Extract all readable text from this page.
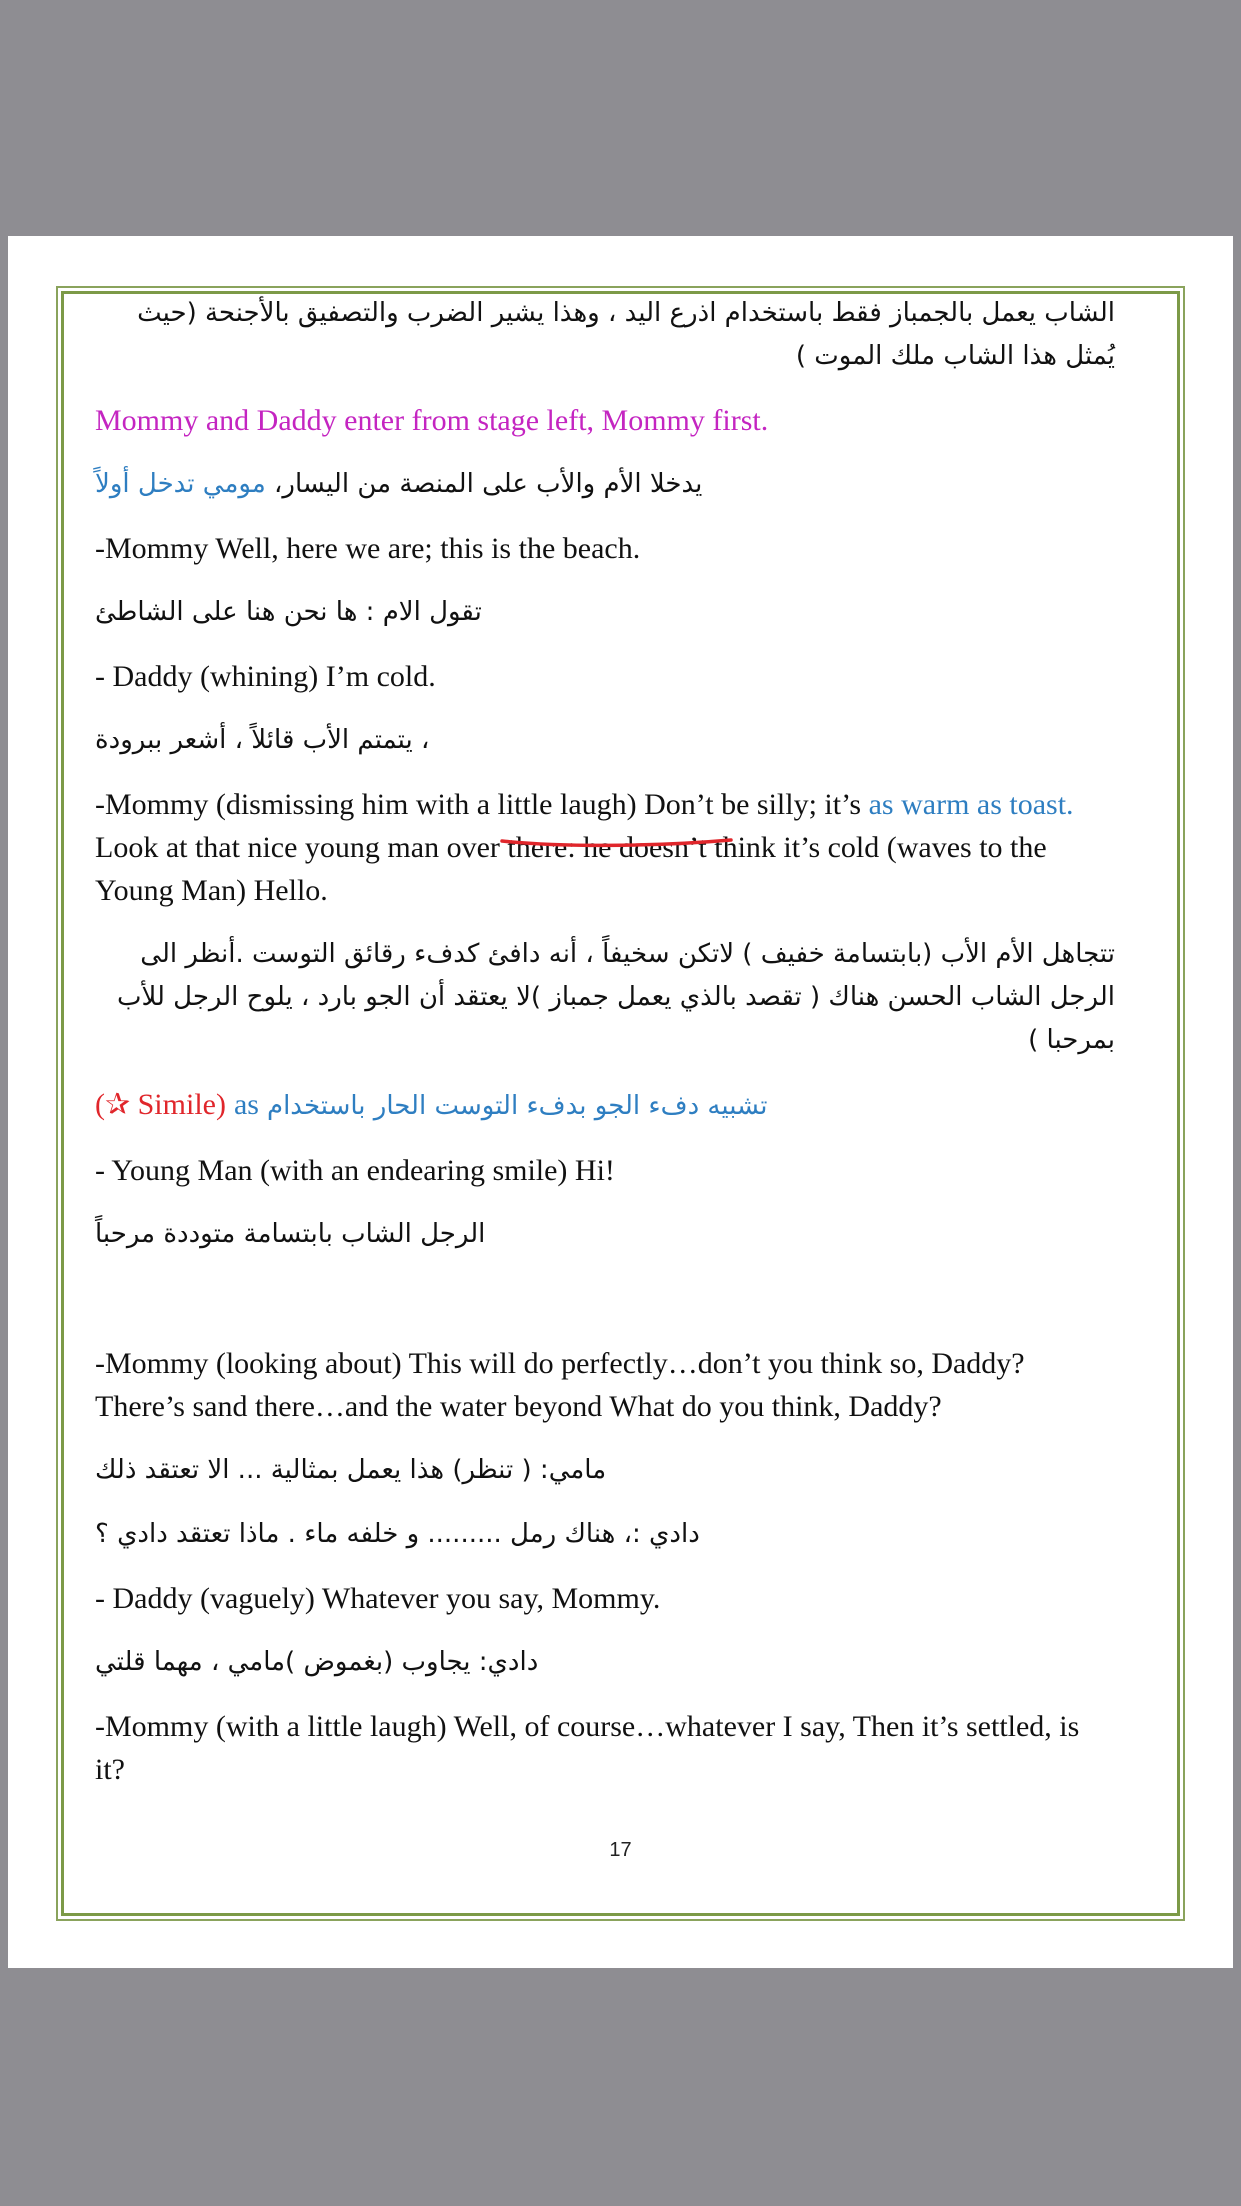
الشاب يعمل بالجمباز فقط باستخدام اذرع اليد ، وهذا يشير الضرب والتصفيق بالأجنحة (حيث يُمثل هذا الشاب ملك الموت )
Mommy and Daddy enter from stage left, Mommy first.
يدخلا الأم والأب على المنصة من اليسار، مومي تدخل أولاً
-Mommy Well, here we are; this is the beach.
تقول الام : ها نحن هنا على الشاطئ
- Daddy (whining) I’m cold.
، يتمتم الأب قائلاً ، أشعر ببرودة
-Mommy (dismissing him with a little laugh) Don’t be silly; it’s as warm as toast. Look at that nice young man over there: he doesn’t think it’s cold (waves to the Young Man) Hello.
تتجاهل الأم الأب (بابتسامة خفيف ) لاتكن سخيفاً ، أنه دافئ كدفء رقائق التوست .أنظر الى الرجل الشاب الحسن هناك ( تقصد بالذي يعمل جمباز )لا يعتقد أن الجو بارد ، يلوح الرجل للأب بمرحبا )
(✰ Simile) as تشبيه دفء الجو بدفء التوست الحار باستخدام
- Young Man (with an endearing smile) Hi!
الرجل الشاب بابتسامة متوددة مرحباً
-Mommy (looking about) This will do perfectly…don’t you think so, Daddy? There’s sand there…and the water beyond What do you think, Daddy?
مامي: ( تنظر) هذا يعمل بمثالية ... الا تعتقد ذلك
دادي :، هناك رمل ......... و خلفه ماء . ماذا تعتقد دادي ؟
- Daddy (vaguely) Whatever you say, Mommy.
دادي: يجاوب (بغموض )مامي ، مهما قلتي
-Mommy (with a little laugh) Well, of course…whatever I say, Then it’s settled, is it?
17
